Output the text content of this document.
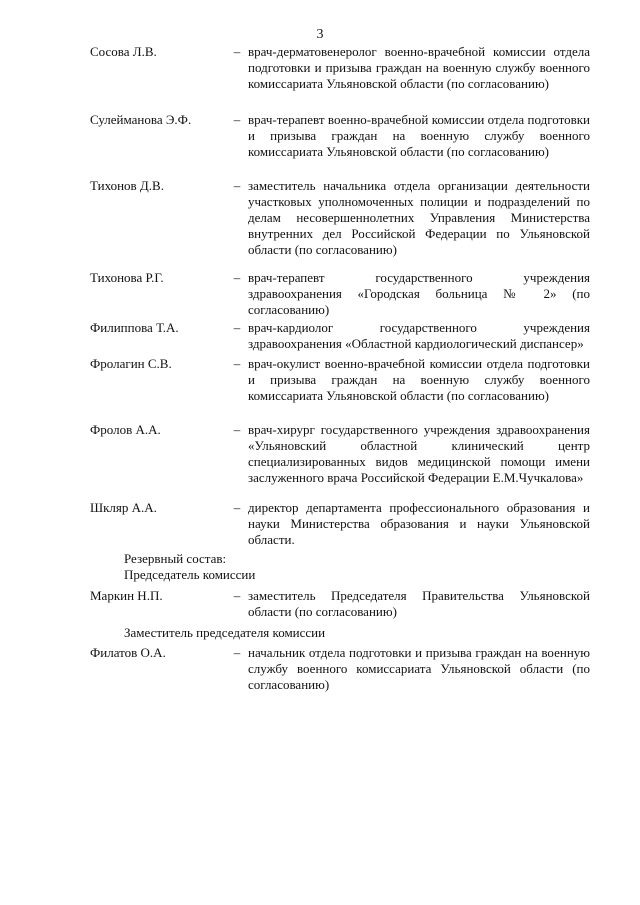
3
Сосова Л.В.	– врач-дерматовенеролог военно-врачебной комиссии отдела подготовки и призыва граждан на военную службу военного комиссариата Ульяновской области (по согласованию)
Сулейманова Э.Ф.	– врач-терапевт военно-врачебной комиссии отдела подготовки и призыва граждан на военную службу военного комиссариата Ульяновской области (по согласованию)
Тихонов Д.В.	– заместитель начальника отдела организации деятельности участковых уполномоченных полиции и подразделений по делам несовершеннолетних Управления Министерства внутренних дел Российской Федерации по Ульяновской области (по согласованию)
Тихонова Р.Г.	– врач-терапевт государственного учреждения здравоохранения «Городская больница № 2» (по согласованию)
Филиппова Т.А.	– врач-кардиолог государственного учреждения здравоохранения «Областной кардиологический диспансер»
Фролагин С.В.	– врач-окулист военно-врачебной комиссии отдела подготовки и призыва граждан на военную службу военного комиссариата Ульяновской области (по согласованию)
Фролов А.А.	– врач-хирург государственного учреждения здравоохранения «Ульяновский областной клинический центр специализированных видов медицинской помощи имени заслуженного врача Российской Федерации Е.М.Чучкалова»
Шкляр А.А.	– директор департамента профессионального образования и науки Министерства образования и науки Ульяновской области.
Резервный состав:
Председатель комиссии
Маркин Н.П.	– заместитель Председателя Правительства Ульяновской области (по согласованию)
Заместитель председателя комиссии
Филатов О.А.	– начальник отдела подготовки и призыва граждан на военную службу военного комиссариата Ульяновской области (по согласованию)
